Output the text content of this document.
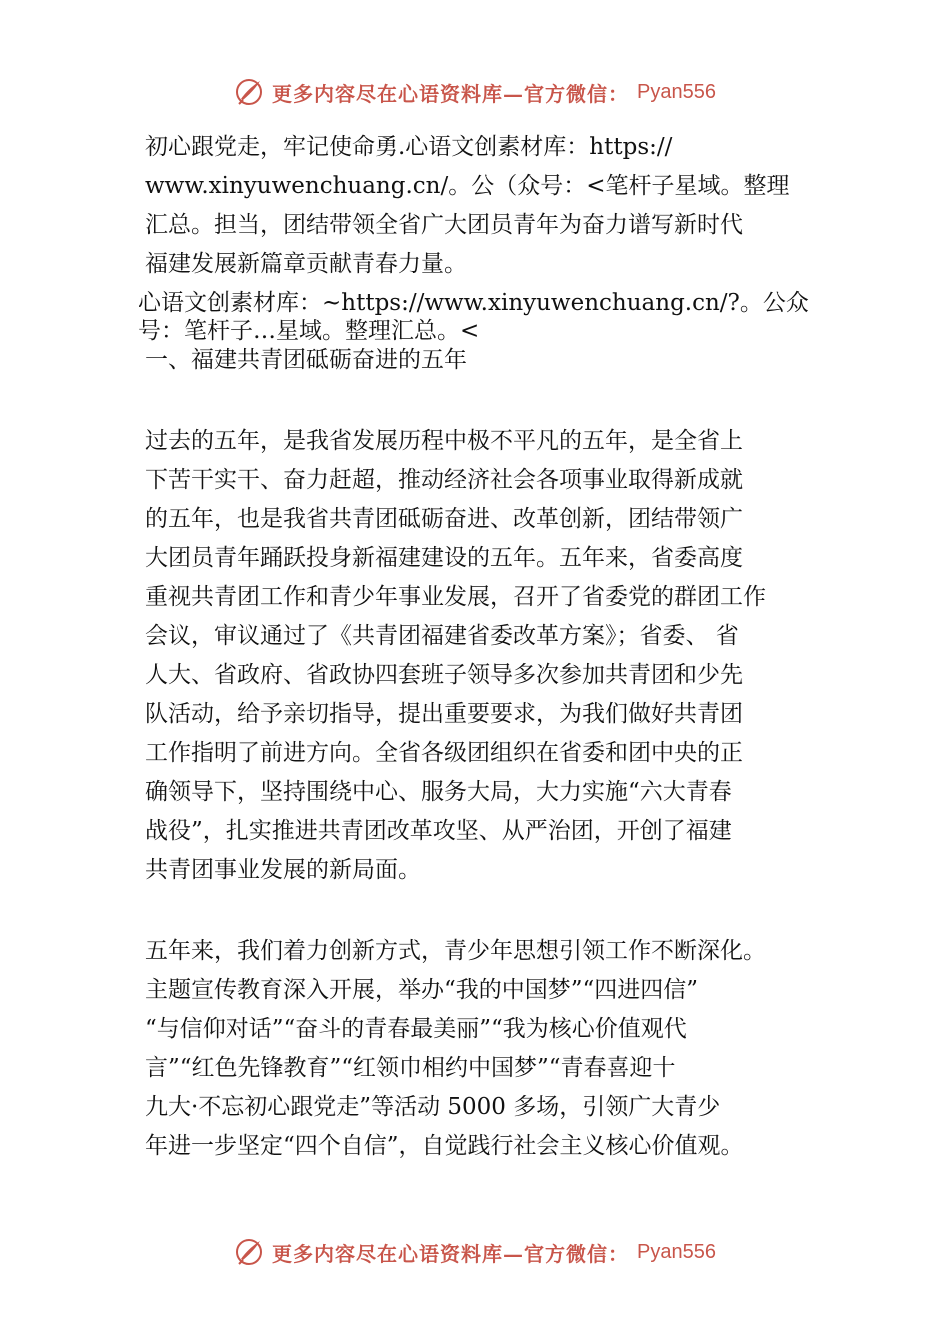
更多内容尽在心语资料库—官方微信： Pyan556
初心跟党走，牢记使命勇.心语文创素材库：https://
www.xinyuwenchuang.cn/。公（众号：<笔杆子星域。整理
汇总。担当，团结带领全省广大团员青年为奋力谱写新时代
福建发展新篇章贡献青春力量。
心语文创素材库：~https://www.xinyuwenchuang.cn/?。公众
号：笔杆子…星域。整理汇总。<
一、福建共青团砥砺奋进的五年
过去的五年，是我省发展历程中极不平凡的五年，是全省上
下苦干实干、奋力赶超，推动经济社会各项事业取得新成就
的五年，也是我省共青团砥砺奋进、改革创新，团结带领广
大团员青年踊跃投身新福建建设的五年。五年来，省委高度
重视共青团工作和青少年事业发展，召开了省委党的群团工作
会议，审议通过了《共青团福建省委改革方案》；省委、 省
人大、省政府、省政协四套班子领导多次参加共青团和少先
队活动，给予亲切指导，提出重要要求，为我们做好共青团
工作指明了前进方向。全省各级团组织在省委和团中央的正
确领导下，坚持围绕中心、服务大局，大力实施“六大青春
战役”，扎实推进共青团改革攻坚、从严治团，开创了福建
共青团事业发展的新局面。
五年来，我们着力创新方式，青少年思想引领工作不断深化。
主题宣传教育深入开展，举办“我的中国梦”“四进四信”
“与信仰对话”“奋斗的青春最美丽”“我为核心价值观代
言”“红色先锋教育”“红领巾相约中国梦”“青春喜迎十
九大·不忘初心跟党走”等活动 5000 多场，引领广大青少
年进一步坚定“四个自信”，自觉践行社会主义核心价值观。
更多内容尽在心语资料库—官方微信： Pyan556
